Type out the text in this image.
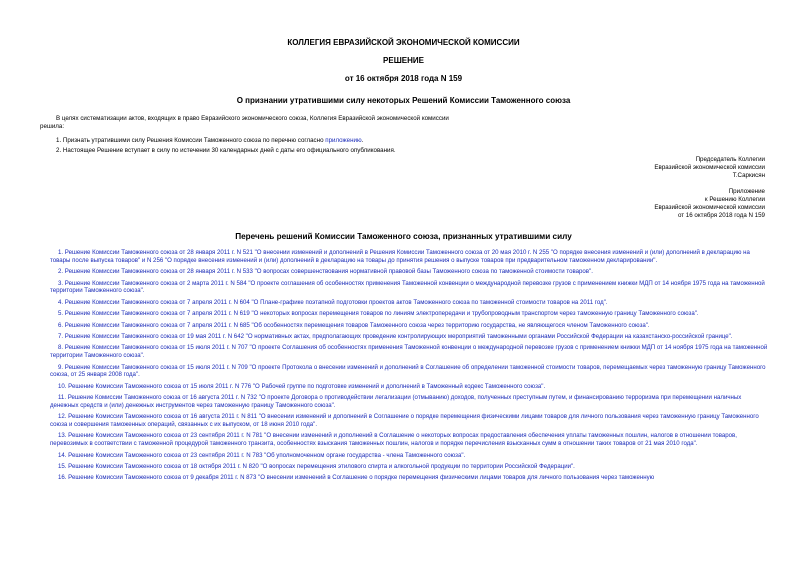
КОЛЛЕГИЯ ЕВРАЗИЙСКОЙ ЭКОНОМИЧЕСКОЙ КОМИССИИ
РЕШЕНИЕ
от 16 октября 2018 года N 159
О признании утратившими силу некоторых Решений Комиссии Таможенного союза

В целях систематизации актов, входящих в право Евразийского экономического союза, Коллегия Евразийской экономической комиссии
решила:

1. Признать утратившими силу Решения Комиссии Таможенного союза по перечню согласно приложению.

2. Настоящее Решение вступает в силу по истечении 30 календарных дней с даты его официального опубликования.

Председатель Коллегии
Евразийской экономической комиссии
Т.Саркисян
Приложение
к Решению Коллегии
Евразийской экономической комиссии
от 16 октября 2018 года N 159
Перечень решений Комиссии Таможенного союза, признанных утратившими силу
1. Решение Комиссии Таможенного союза от 28 января 2011 г. N 521 "О внесении изменений и дополнений в Решения Комиссии Таможенного союза от 20 мая 2010 г. N 255 "О порядке внесения изменений и (или) дополнений в декларацию на товары после выпуска товаров" и N 256 "О порядке внесения изменений и (или) дополнений в декларацию на товары до принятия решения о выпуске товаров при предварительном таможенном декларировании".
2. Решение Комиссии Таможенного союза от 28 января 2011 г. N 533 "О вопросах совершенствования нормативной правовой базы Таможенного союза по таможенной стоимости товаров".
3. Решение Комиссии Таможенного союза от 2 марта 2011 г. N 584 "О проекте соглашения об особенностях применения Таможенной конвенции о международной перевозке грузов с применением книжки МДП от 14 ноября 1975 года на таможенной территории Таможенного союза".
4. Решение Комиссии Таможенного союза от 7 апреля 2011 г. N 604 "О Плане-графике поэтапной подготовки проектов актов Таможенного союза по таможенной стоимости товаров на 2011 год".
5. Решение Комиссии Таможенного союза от 7 апреля 2011 г. N 619 "О некоторых вопросах перемещения товаров по линиям электропередачи и трубопроводным транспортом через таможенную границу Таможенного союза".
6. Решение Комиссии Таможенного союза от 7 апреля 2011 г. N 685 "Об особенностях перемещения товаров Таможенного союза через территорию государства, не являющегося членом Таможенного союза".
7. Решение Комиссии Таможенного союза от 19 мая 2011 г. N 642 "О нормативных актах, предполагающих проведение контролирующих мероприятий таможенными органами Российской Федерации на казахстанско-российской границе".
8. Решение Комиссии Таможенного союза от 15 июля 2011 г. N 707 "О проекте Соглашения об особенностях применения Таможенной конвенции о международной перевозке грузов с применением книжки МДП от 14 ноября 1975 года на таможенной территории Таможенного союза".
9. Решение Комиссии Таможенного союза от 15 июля 2011 г. N 709 "О проекте Протокола о внесении изменений и дополнений в Соглашение об определении таможенной стоимости товаров, перемещаемых через таможенную границу Таможенного союза, от 25 января 2008 года".
10. Решение Комиссии Таможенного союза от 15 июля 2011 г. N 776 "О Рабочей группе по подготовке изменений и дополнений в Таможенный кодекс Таможенного союза".
11. Решение Комиссии Таможенного союза от 16 августа 2011 г. N 732 "О проекте Договора о противодействии легализации (отмыванию) доходов, полученных преступным путем, и финансированию терроризма при перемещении наличных денежных средств и (или) денежных инструментов через таможенную границу Таможенного союза".
12. Решение Комиссии Таможенного союза от 16 августа 2011 г. N 811 "О внесении изменений и дополнений в Соглашение о порядке перемещения физическими лицами товаров для личного пользования через таможенную границу Таможенного союза и совершения таможенных операций, связанных с их выпуском, от 18 июня 2010 года".
13. Решение Комиссии Таможенного союза от 23 сентября 2011 г. N 781 "О внесении изменений и дополнений в Соглашение о некоторых вопросах предоставления обеспечения уплаты таможенных пошлин, налогов в отношении товаров, перевозимых в соответствии с таможенной процедурой таможенного транзита, особенностях взыскания таможенных пошлин, налогов и порядке перечисления взысканных сумм в отношении таких товаров от 21 мая 2010 года".
14. Решение Комиссии Таможенного союза от 23 сентября 2011 г. N 783 "Об уполномоченном органе государства - члена Таможенного союза".
15. Решение Комиссии Таможенного союза от 18 октября 2011 г. N 820 "О вопросах перемещения этилового спирта и алкогольной продукции по территории Российской Федерации".
16. Решение Комиссии Таможенного союза от 9 декабря 2011 г. N 873 "О внесении изменений в Соглашение о порядке перемещения физическими лицами товаров для личного пользования через таможенную
